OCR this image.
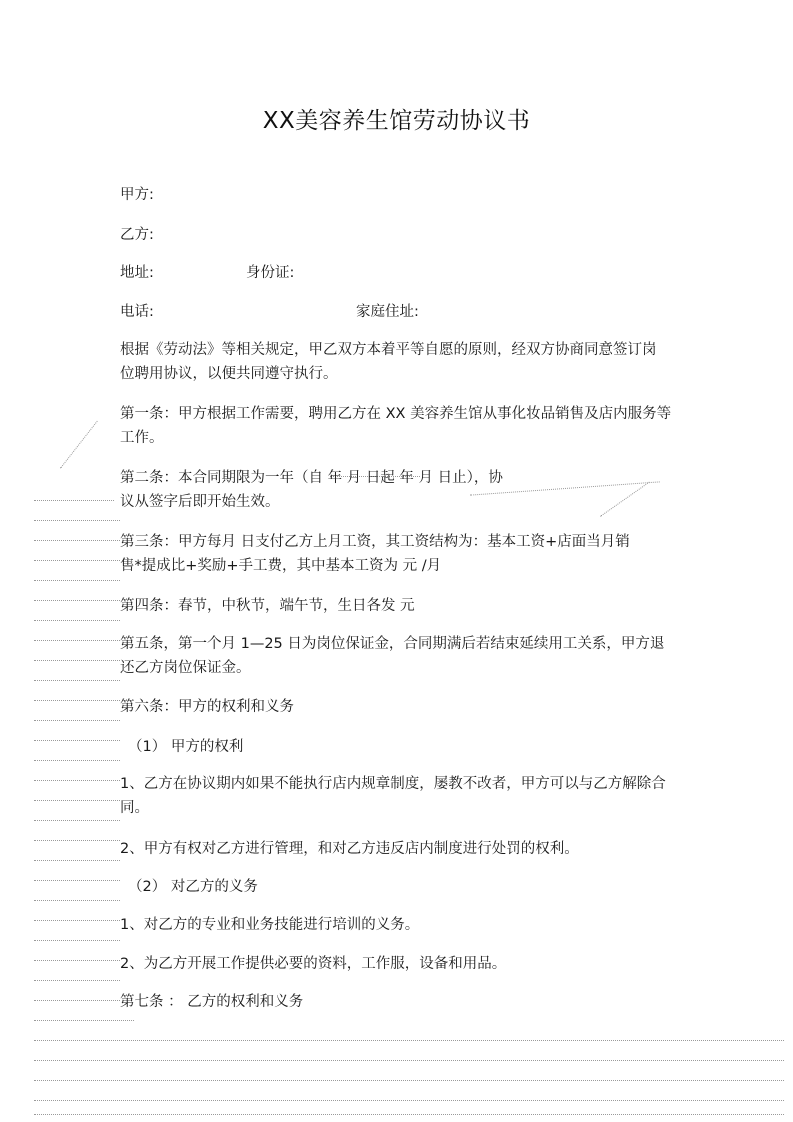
XX美容养生馆劳动协议书
甲方:
乙方:
地址:	身份证:
电话:	家庭住址:
根据《劳动法》等相关规定，甲乙双方本着平等自愿的原则，经双方协商同意签订岗
位聘用协议，以便共同遵守执行。
第一条：甲方根据工作需要，聘用乙方在 XX 美容养生馆从事化妆品销售及店内服务等
工作。
第二条：本合同期限为一年（自 年 月 日起 年 月 日止），协
议从签字后即开始生效。
第三条：甲方每月 日支付乙方上月工资，其工资结构为：基本工资+店面当月销
售*提成比+奖励+手工费，其中基本工资为 元 /月
第四条：春节，中秋节，端午节，生日各发 元
第五条，第一个月 1—25 日为岗位保证金，合同期满后若结束延续用工关系，甲方退
还乙方岗位保证金。
第六条：甲方的权利和义务
（1） 甲方的权利
1、乙方在协议期内如果不能执行店内规章制度，屡教不改者，甲方可以与乙方解除合
同。
2、甲方有权对乙方进行管理，和对乙方违反店内制度进行处罚的权利。
（2） 对乙方的义务
1、对乙方的专业和业务技能进行培训的义务。
2、为乙方开展工作提供必要的资料，工作服，设备和用品。
第七条 ： 乙方的权利和义务
